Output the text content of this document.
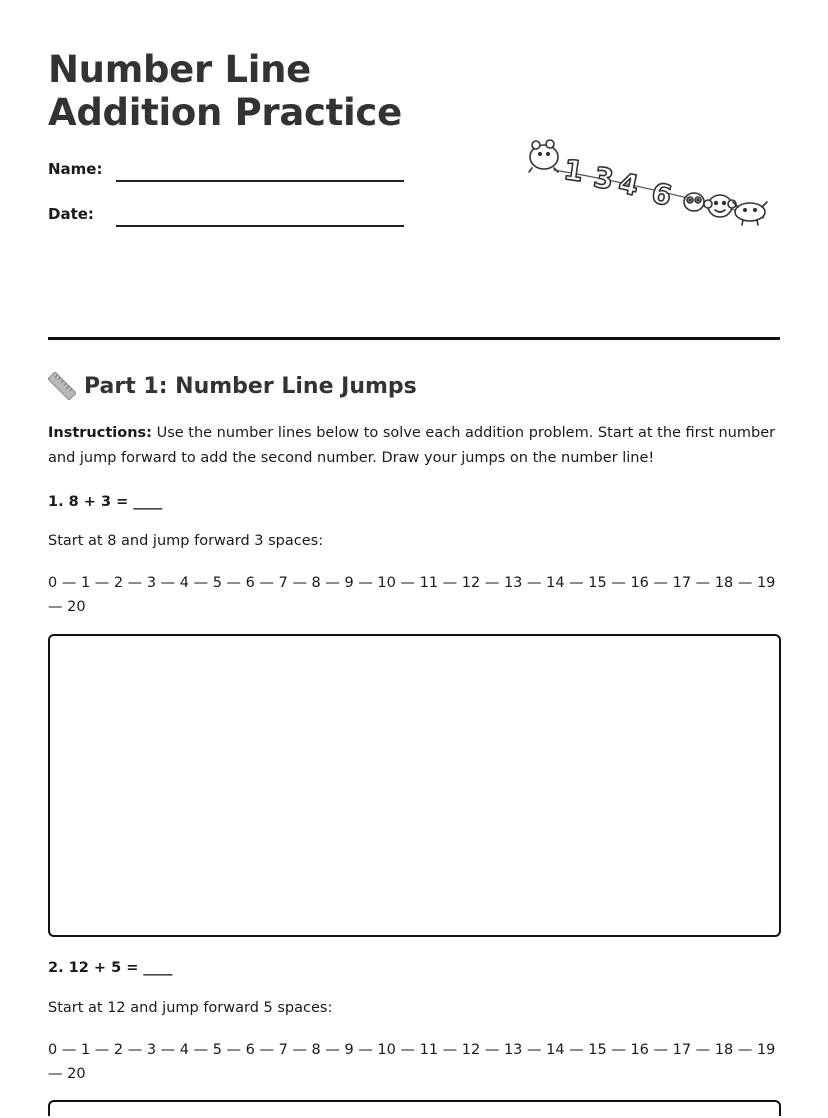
Number Line Addition Practice
Name:
Date:
1 3 4 6
Part 1: Number Line Jumps

Instructions: Use the number lines below to solve each addition problem. Start at the first number and jump forward to add the second number. Draw your jumps on the number line!

1. 8 + 3 = ____

Start at 8 and jump forward 3 spaces:

0 — 1 — 2 — 3 — 4 — 5 — 6 — 7 — 8 — 9 — 10 — 11 — 12 — 13 — 14 — 15 — 16 — 17 — 18 — 19 — 20

2. 12 + 5 = ____

Start at 12 and jump forward 5 spaces:

0 — 1 — 2 — 3 — 4 — 5 — 6 — 7 — 8 — 9 — 10 — 11 — 12 — 13 — 14 — 15 — 16 — 17 — 18 — 19 — 20
